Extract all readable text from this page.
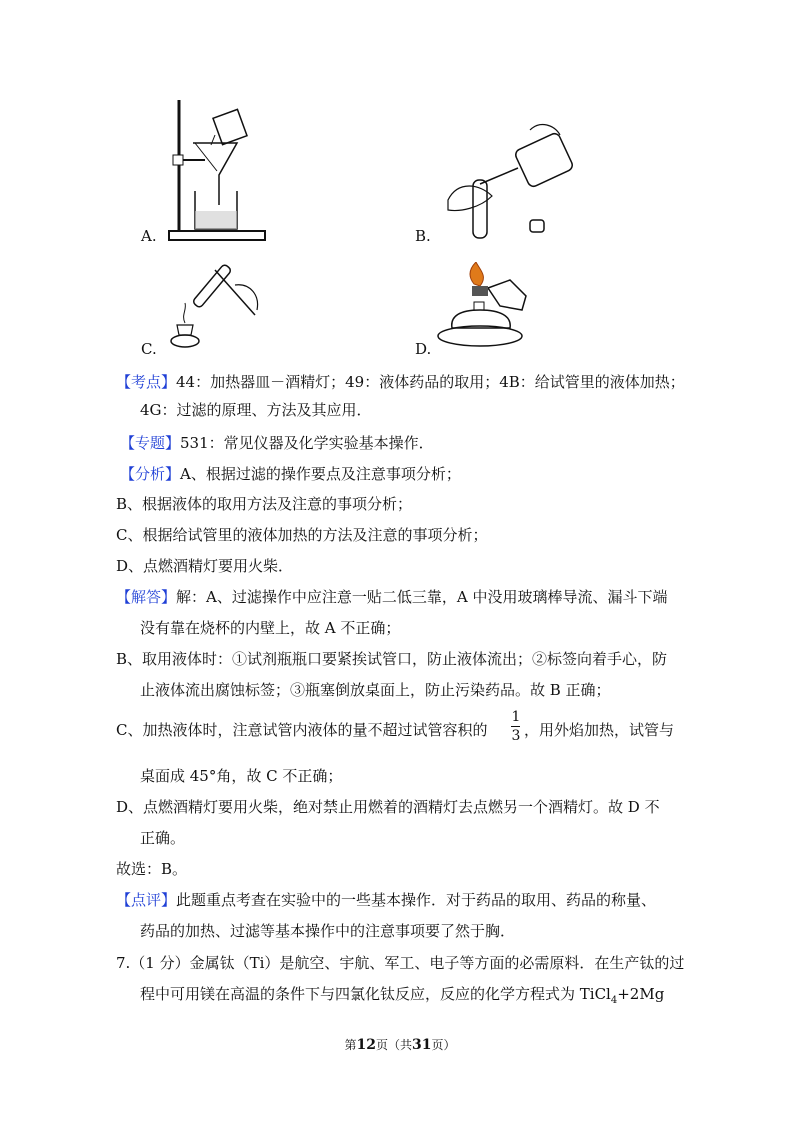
A.	B.
C.	D.
【考点】44：加热器皿－酒精灯；49：液体药品的取用；4B：给试管里的液体加热；
4G：过滤的原理、方法及其应用．
【专题】531：常见仪器及化学实验基本操作．
【分析】A、根据过滤的操作要点及注意事项分析；
B、根据液体的取用方法及注意的事项分析；
C、根据给试管里的液体加热的方法及注意的事项分析；
D、点燃酒精灯要用火柴．
【解答】解：A、过滤操作中应注意一贴二低三靠，A 中没用玻璃棒导流、漏斗下端
没有靠在烧杯的内壁上，故 A 不正确；
B、取用液体时：①试剂瓶瓶口要紧挨试管口，防止液体流出；②标签向着手心，防
止液体流出腐蚀标签；③瓶塞倒放桌面上，防止污染药品。故 B 正确；
C、加热液体时，注意试管内液体的量不超过试管容积的
1
3 ，用外焰加热，试管与
桌面成 45°角，故 C 不正确；
D、点燃酒精灯要用火柴，绝对禁止用燃着的酒精灯去点燃另一个酒精灯。故 D 不
正确。
故选：B。
【点评】此题重点考查在实验中的一些基本操作．对于药品的取用、药品的称量、
药品的加热、过滤等基本操作中的注意事项要了然于胸．
7.（1 分）金属钛（Ti）是航空、宇航、军工、电子等方面的必需原料．在生产钛的过
程中可用镁在高温的条件下与四氯化钛反应，反应的化学方程式为 TiCl$_4$+2Mg
第12页（共31页）
